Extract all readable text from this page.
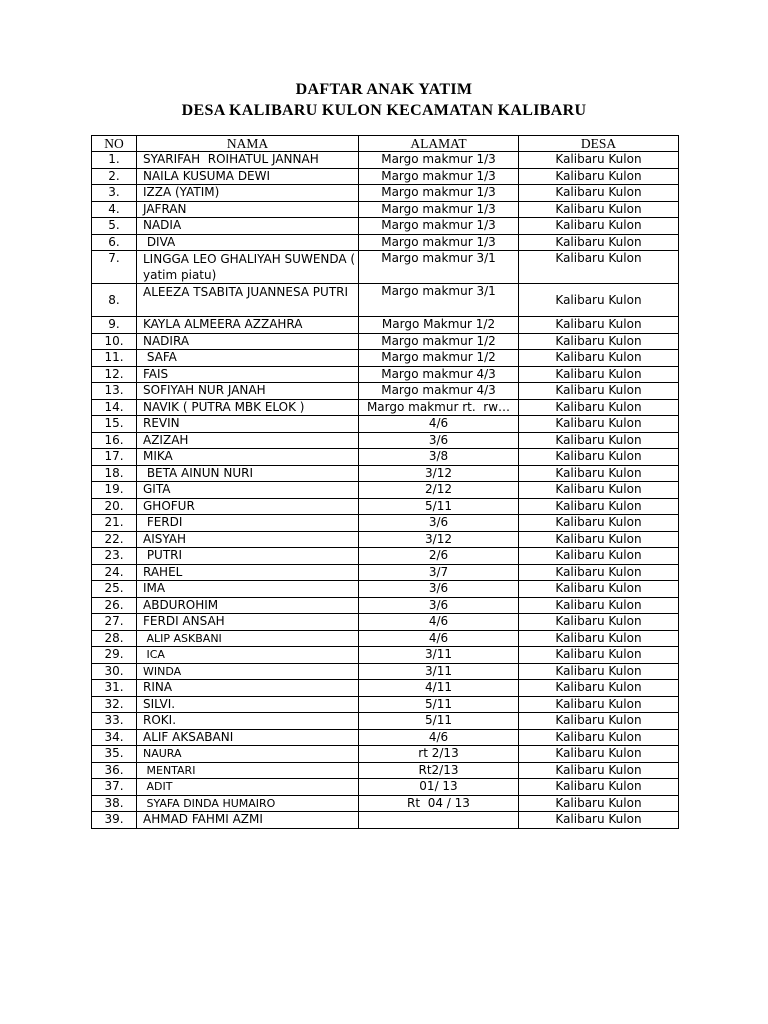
DAFTAR ANAK YATIM
DESA KALIBARU KULON KECAMATAN KALIBARU
NO	NAMA	ALAMAT	DESA
1.	SYARIFAH  ROIHATUL JANNAH	Margo makmur 1/3	Kalibaru Kulon
2.	NAILA KUSUMA DEWI	Margo makmur 1/3	Kalibaru Kulon
3.	IZZA (YATIM)	Margo makmur 1/3	Kalibaru Kulon
4.	JAFRAN	Margo makmur 1/3	Kalibaru Kulon
5.	NADIA	Margo makmur 1/3	Kalibaru Kulon
6.	DIVA	Margo makmur 1/3	Kalibaru Kulon
7.	LINGGA LEO GHALIYAH SUWENDA ( yatim piatu)	Margo makmur 3/1	Kalibaru Kulon
8.	ALEEZA TSABITA JUANNESA PUTRI	Margo makmur 3/1	Kalibaru Kulon
9.	KAYLA ALMEERA AZZAHRA	Margo Makmur 1/2	Kalibaru Kulon
10.	NADIRA	Margo makmur 1/2	Kalibaru Kulon
11.	SAFA	Margo makmur 1/2	Kalibaru Kulon
12.	FAIS	Margo makmur 4/3	Kalibaru Kulon
13.	SOFIYAH NUR JANAH	Margo makmur 4/3	Kalibaru Kulon
14.	NAVIK ( PUTRA MBK ELOK )	Margo makmur rt.  rw…	Kalibaru Kulon
15.	REVIN	4/6	Kalibaru Kulon
16.	AZIZAH	3/6	Kalibaru Kulon
17.	MIKA	3/8	Kalibaru Kulon
18.	BETA AINUN NURI	3/12	Kalibaru Kulon
19.	GITA	2/12	Kalibaru Kulon
20.	GHOFUR	5/11	Kalibaru Kulon
21.	FERDI	3/6	Kalibaru Kulon
22.	AISYAH	3/12	Kalibaru Kulon
23.	PUTRI	2/6	Kalibaru Kulon
24.	RAHEL	3/7	Kalibaru Kulon
25.	IMA	3/6	Kalibaru Kulon
26.	ABDUROHIM	3/6	Kalibaru Kulon
27.	FERDI ANSAH	4/6	Kalibaru Kulon
28.	ALIP ASKBANI	4/6	Kalibaru Kulon
29.	ICA	3/11	Kalibaru Kulon
30.	WINDA	3/11	Kalibaru Kulon
31.	RINA	4/11	Kalibaru Kulon
32.	SILVI.	5/11	Kalibaru Kulon
33.	ROKI.	5/11	Kalibaru Kulon
34.	ALIF AKSABANI	4/6	Kalibaru Kulon
35.	NAURA	rt 2/13	Kalibaru Kulon
36.	MENTARI	Rt2/13	Kalibaru Kulon
37.	ADIT	01/ 13	Kalibaru Kulon
38.	SYAFA DINDA HUMAIRO	Rt  04 / 13	Kalibaru Kulon
39.	AHMAD FAHMI AZMI		Kalibaru Kulon
